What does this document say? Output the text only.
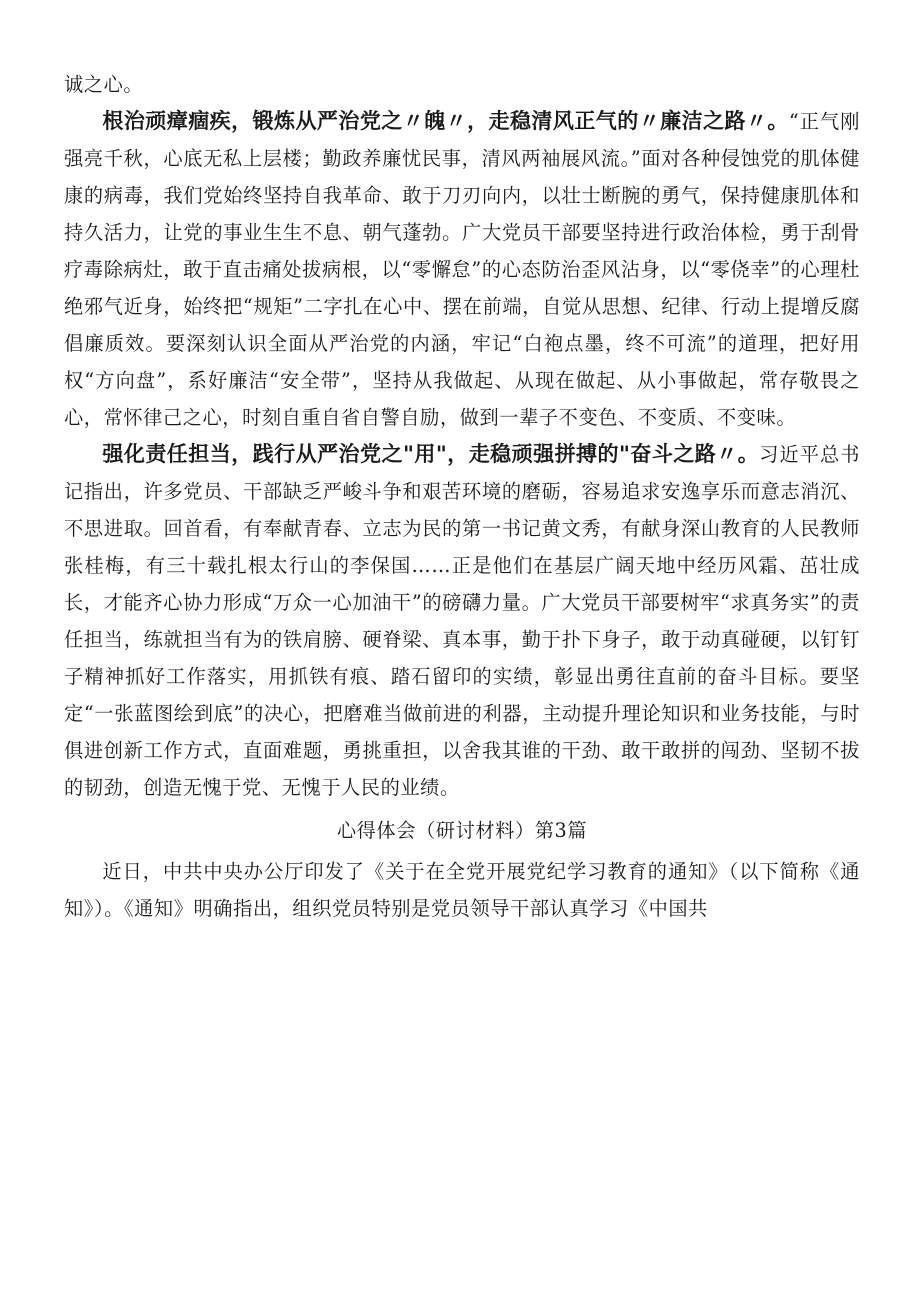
诚之心。

根治顽瘴痼疾，锻炼从严治党之〃魄〃，走稳清风正气的〃廉洁之路〃。“正气刚强亮千秋，心底无私上层楼；勤政养廉忧民事，清风两袖展风流。”面对各种侵蚀党的肌体健康的病毒，我们党始终坚持自我革命、敢于刀刃向内，以壮士断腕的勇气，保持健康肌体和持久活力，让党的事业生生不息、朝气蓬勃。广大党员干部要坚持进行政治体检，勇于刮骨疗毒除病灶，敢于直击痛处拔病根，以“零懈怠”的心态防治歪风沾身，以“零侥幸”的心理杜绝邪气近身，始终把“规矩”二字扎在心中、摆在前端，自觉从思想、纪律、行动上提增反腐倡廉质效。要深刻认识全面从严治党的内涵，牢记“白袍点墨，终不可流”的道理，把好用权“方向盘”，系好廉洁“安全带”，坚持从我做起、从现在做起、从小事做起，常存敬畏之心，常怀律己之心，时刻自重自省自警自励，做到一辈子不变色、不变质、不变味。

强化责任担当，践行从严治党之"用"，走稳顽强拼搏的"奋斗之路〃。习近平总书记指出，许多党员、干部缺乏严峻斗争和艰苦环境的磨砺，容易追求安逸享乐而意志消沉、不思进取。回首看，有奉献青春、立志为民的第一书记黄文秀，有献身深山教育的人民教师张桂梅，有三十载扎根太行山的李保国……正是他们在基层广阔天地中经历风霜、茁壮成长，才能齐心协力形成“万众一心加油干”的磅礴力量。广大党员干部要树牢“求真务实”的责任担当，练就担当有为的铁肩膀、硬脊梁、真本事，勤于扑下身子，敢于动真碰硬，以钉钉子精神抓好工作落实，用抓铁有痕、踏石留印的实绩，彰显出勇往直前的奋斗目标。要坚定“一张蓝图绘到底”的决心，把磨难当做前进的利器，主动提升理论知识和业务技能，与时俱进创新工作方式，直面难题，勇挑重担，以舍我其谁的干劲、敢干敢拼的闯劲、坚韧不拔的韧劲，创造无愧于党、无愧于人民的业绩。

心得体会（研讨材料）第3篇

近日，中共中央办公厅印发了《关于在全党开展党纪学习教育的通知》（以下简称《通知》）。《通知》明确指出，组织党员特别是党员领导干部认真学习《中国共
